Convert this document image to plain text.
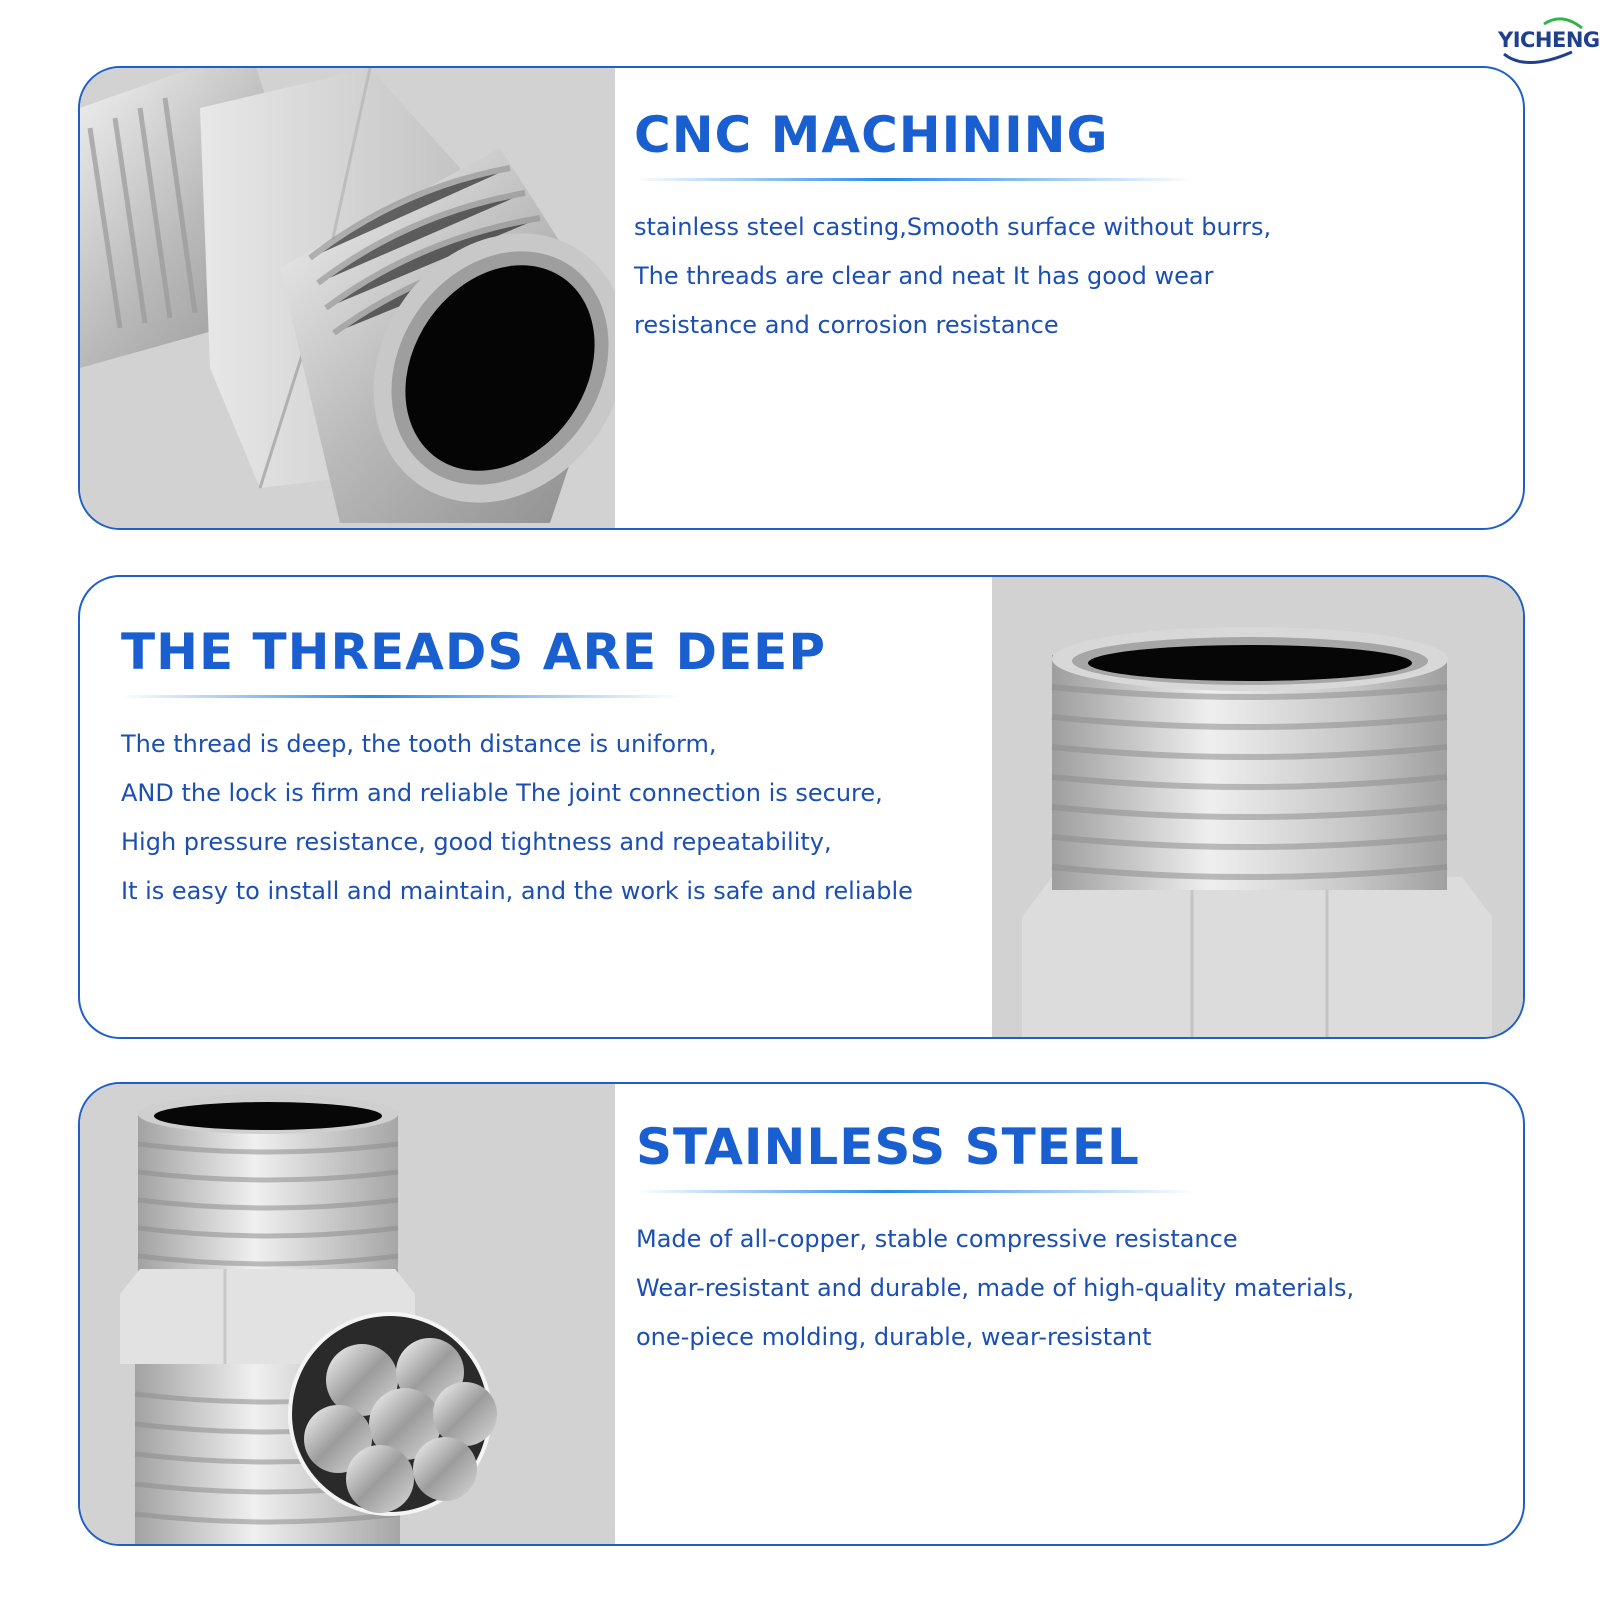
YICHENG
CNC MACHINING
stainless steel casting,Smooth surface without burrs,
The threads are clear and neat It has good wear
resistance and corrosion resistance
THE THREADS ARE DEEP
The thread is deep, the tooth distance is uniform,
AND the lock is firm and reliable The joint connection is secure,
High pressure resistance, good tightness and repeatability,
It is easy to install and maintain, and the work is safe and reliable
STAINLESS STEEL
Made of all-copper, stable compressive resistance
Wear-resistant and durable, made of high-quality materials,
one-piece molding, durable, wear-resistant
